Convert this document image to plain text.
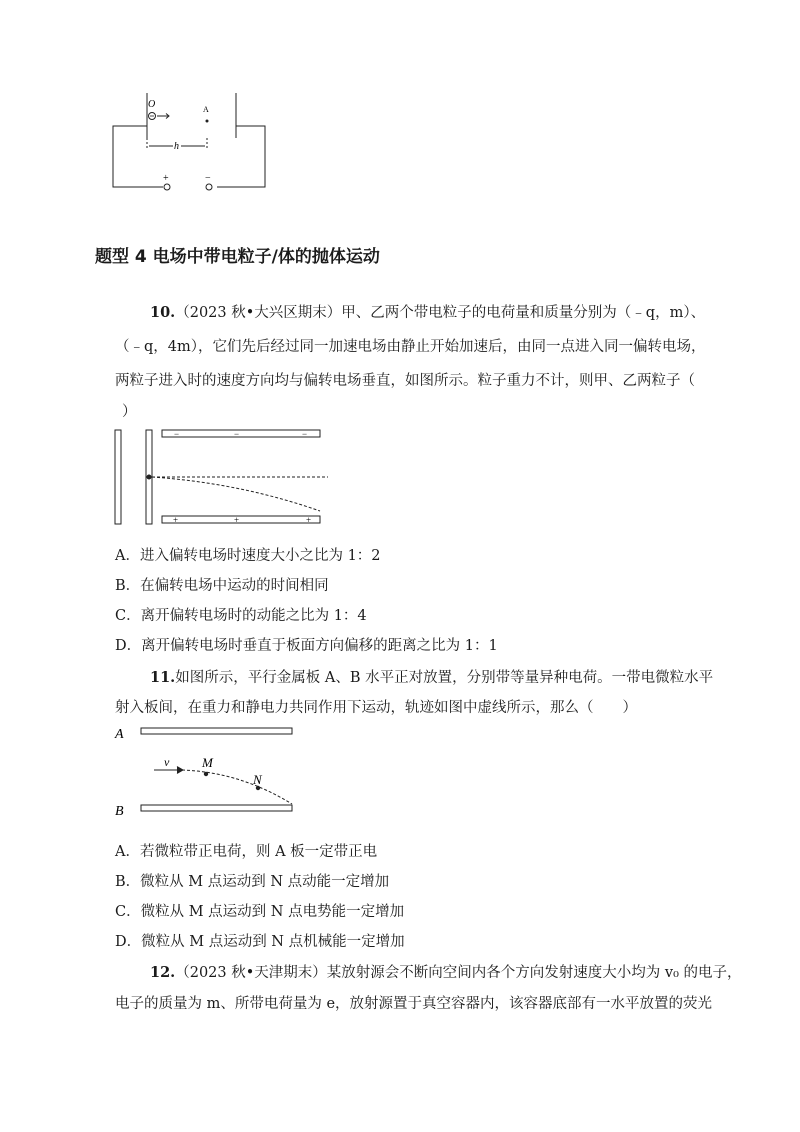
O	A
h
+	−
题型 4 电场中带电粒子/体的抛体运动
10.（2023 秋•大兴区期末）甲、乙两个带电粒子的电荷量和质量分别为（﹣q，m）、
（﹣q，4m），它们先后经过同一加速电场由静止开始加速后，由同一点进入同一偏转电场，
两粒子进入时的速度方向均与偏转电场垂直，如图所示。粒子重力不计，则甲、乙两粒子（
）
−	−	−
+	+	+
A．进入偏转电场时速度大小之比为 1：2
B．在偏转电场中运动的时间相同
C．离开偏转电场时的动能之比为 1：4
D．离开偏转电场时垂直于板面方向偏移的距离之比为 1：1
11.如图所示，平行金属板 A、B 水平正对放置，分别带等量异种电荷。一带电微粒水平
射入板间，在重力和静电力共同作用下运动，轨迹如图中虚线所示，那么（　　）
A
B
v	M
N
A．若微粒带正电荷，则 A 板一定带正电
B．微粒从 M 点运动到 N 点动能一定增加
C．微粒从 M 点运动到 N 点电势能一定增加
D．微粒从 M 点运动到 N 点机械能一定增加
12.（2023 秋•天津期末）某放射源会不断向空间内各个方向发射速度大小均为 v₀ 的电子，
电子的质量为 m、所带电荷量为 e，放射源置于真空容器内，该容器底部有一水平放置的荧光
